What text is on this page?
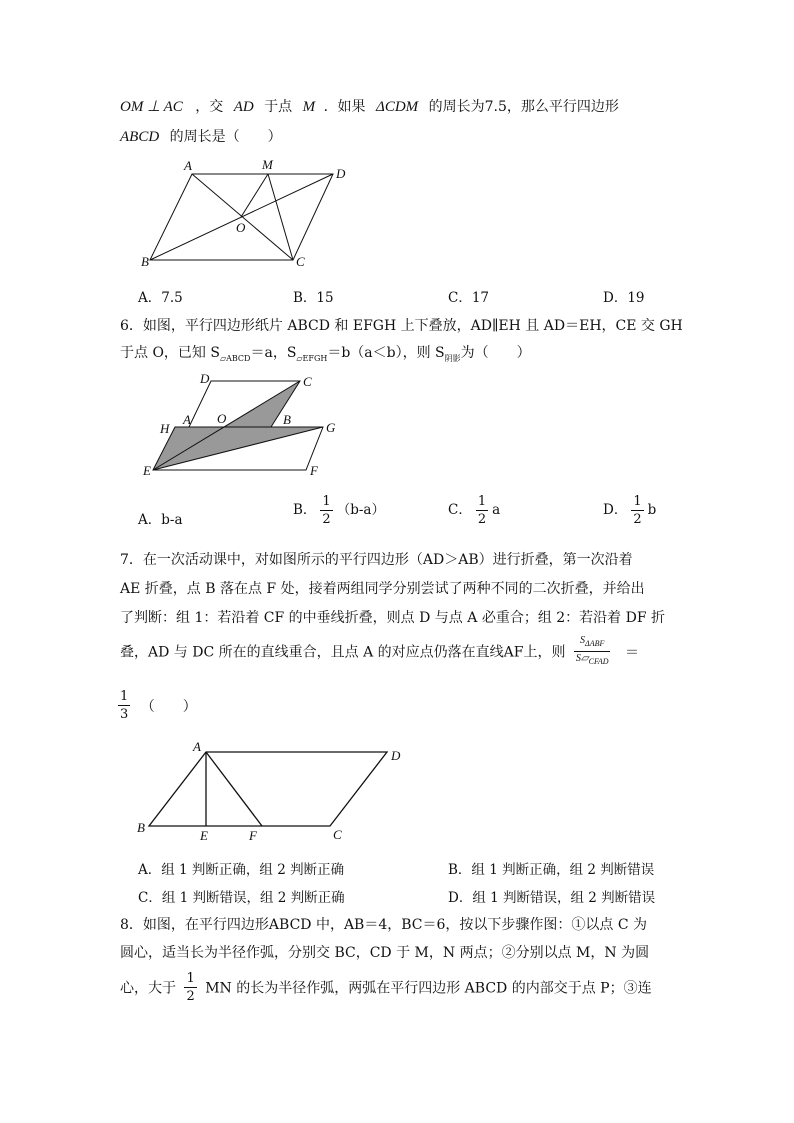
OM ⊥ AC ，交 AD 于点 M ．如果 ΔCDM 的周长为7.5，那么平行四边形
ABCD 的周长是（　　）
A	M
D
O
B	C
A．7.5	B．15	C．17	D．19
6．如图，平行四边形纸片 ABCD 和 EFGH 上下叠放，AD∥EH 且 AD＝EH，CE 交 GH
于点 O，已知 $S_{▱ABCD}=a$，$S_{▱EFGH}=b(a<b)$，则 $S_{阴影}$为（　　）
D	C
A O	B
H	G
E	F
A．b-a
B． $\frac{1}{2} (b-a)$	C． $\frac{1}{2}$ a	D． $\frac{1}{2}$ b
7．在一次活动课中，对如图所示的平行四边形（AD＞AB）进行折叠，第一次沿着
AE 折叠，点 B 落在点 F 处，接着两组同学分别尝试了两种不同的二次折叠，并给出
了判断：组 1：若沿着 CF 的中垂线折叠，则点 D 与点 A 必重合；组 2：若沿着 DF 折
叠，AD 与 DC 所在的直线重合，且点 A 的对应点仍落在直线AF上，则 $\frac{S_{\Delta ABF}}{S▱_{CFAD}}$ ＝
$\frac{1}{3}$ （　　）
A
D
B
E	F	C
A．组 1 判断正确，组 2 判断正确	B．组 1 判断正确，组 2 判断错误
C．组 1 判断错误，组 2 判断正确	D．组 1 判断错误，组 2 判断错误
8．如图，在平行四边形ABCD 中，AB＝4，BC＝6，按以下步骤作图：①以点 C 为
圆心，适当长为半径作弧，分别交 BC，CD 于 M，N 两点；②分别以点 M，N 为圆
心，大于 $\frac{1}{2}$ MN 的长为半径作弧，两弧在平行四边形 ABCD 的内部交于点 P；③连
